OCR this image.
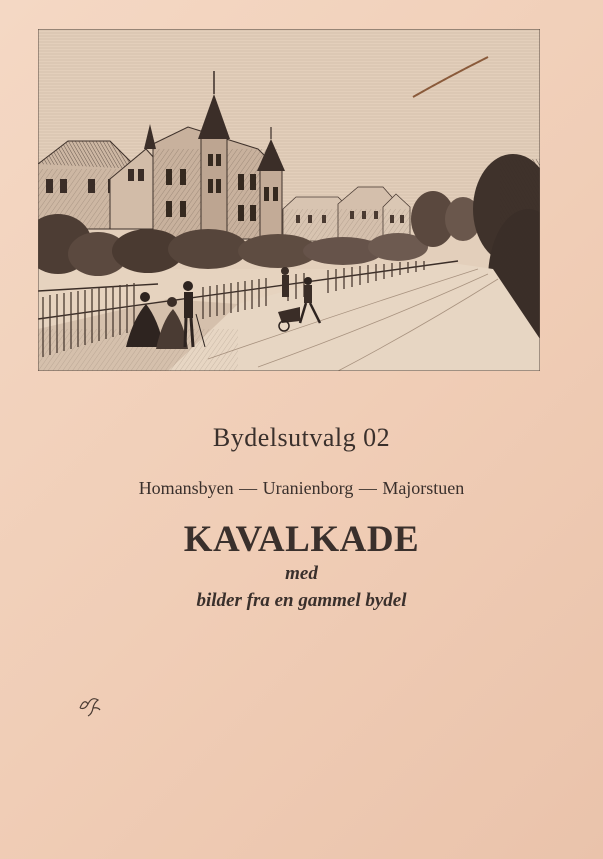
Bydelsutvalg 02
Homansbyen — Uranienborg — Majorstuen
KAVALKADE
med
bilder fra en gammel bydel
